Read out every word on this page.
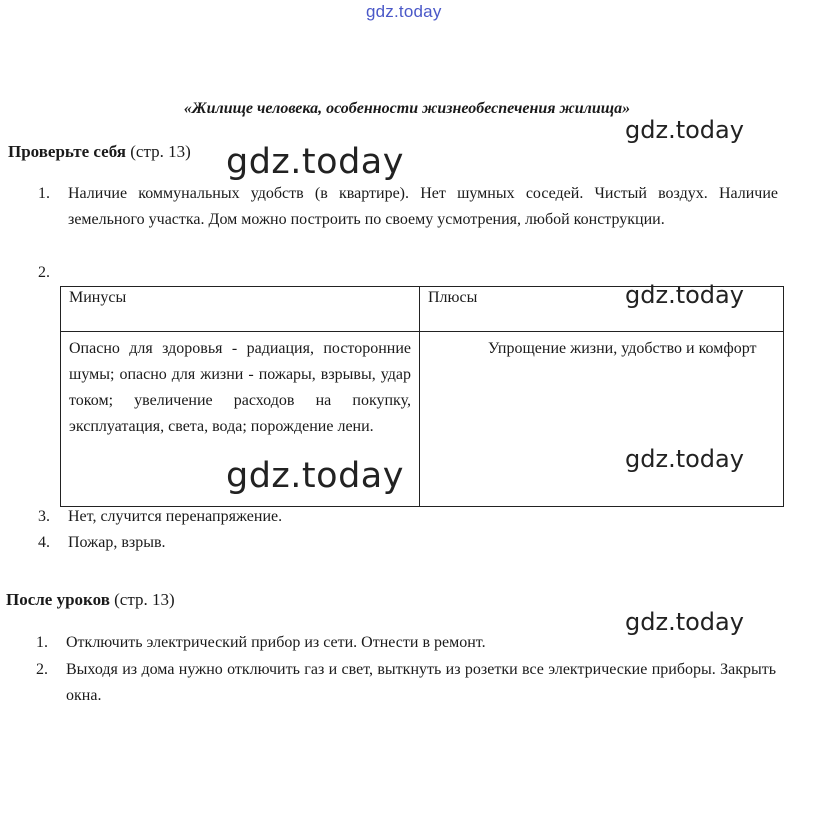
gdz.today
«Жилище человека, особенности жизнеобеспечения жилища»
Проверьте себя (стр. 13)
1.	Наличие коммунальных удобств (в квартире). Нет шумных соседей. Чистый воздух. Наличие земельного участка. Дом можно построить по своему усмотрения, любой конструкции.
2.
Минусы	Плюсы

Опасно для здоровья - радиация, посторонние шумы; опасно для жизни - пожары, взрывы, удар током; увеличение расходов на покупку, эксплуатация, света, вода; порождение лени.	Упрощение жизни, удобство и комфорт
3.	Нет, случится перенапряжение.
4.	Пожар, взрыв.
После уроков (стр. 13)
1.	Отключить электрический прибор из сети. Отнести в ремонт.
2.	Выходя из дома нужно отключить газ и свет, выткнуть из розетки все электрические приборы. Закрыть окна.
gdz.today
gdz.today
gdz.today
gdz.today
gdz.today
gdz.today
